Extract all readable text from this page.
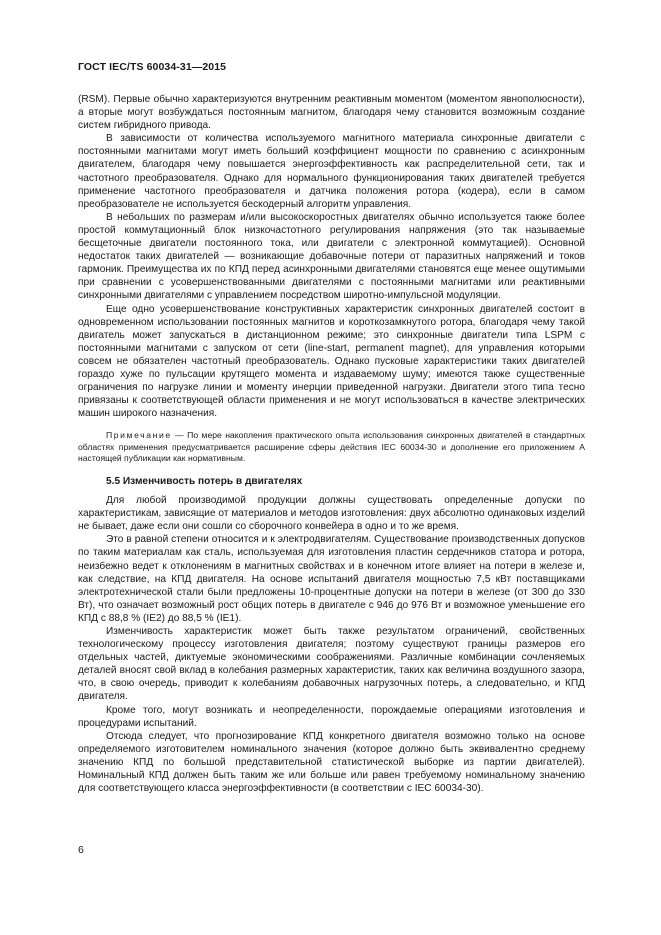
ГОСТ IEC/TS 60034-31—2015

(RSM). Первые обычно характеризуются внутренним реактивным моментом (моментом явнополюсности), а вторые могут возбуждаться постоянным магнитом, благодаря чему становится возможным создание систем гибридного привода.

В зависимости от количества используемого магнитного материала синхронные двигатели с постоянными магнитами могут иметь больший коэффициент мощности по сравнению с асинхронным двигателем, благодаря чему повышается энергоэффективность как распределительной сети, так и частотного преобразователя. Однако для нормального функционирования таких двигателей требуется применение частотного преобразователя и датчика положения ротора (кодера), если в самом преобразователе не используется бескодерный алгоритм управления.

В небольших по размерам и/или высокоскоростных двигателях обычно используется также более простой коммутационный блок низкочастотного регулирования напряжения (это так называемые бесщеточные двигатели постоянного тока, или двигатели с электронной коммутацией). Основной недостаток таких двигателей — возникающие добавочные потери от паразитных напряжений и токов гармоник. Преимущества их по КПД перед асинхронными двигателями становятся еще менее ощутимыми при сравнении с усовершенствованными двигателями с постоянными магнитами или реактивными синхронными двигателями с управлением посредством широтно-импульсной модуляции.

Еще одно усовершенствование конструктивных характеристик синхронных двигателей состоит в одновременном использовании постоянных магнитов и короткозамкнутого ротора, благодаря чему такой двигатель может запускаться в дистанционном режиме; это синхронные двигатели типа LSPM с постоянными магнитами с запуском от сети (line-start, permanent magnet), для управления которыми совсем не обязателен частотный преобразователь. Однако пусковые характеристики таких двигателей гораздо хуже по пульсации крутящего момента и издаваемому шуму; имеются также существенные ограничения по нагрузке линии и моменту инерции приведенной нагрузки. Двигатели этого типа тесно привязаны к соответствующей области применения и не могут использоваться в качестве электрических машин широкого назначения.

Примечание — По мере накопления практического опыта использования синхронных двигателей в стандартных областях применения предусматривается расширение сферы действия IEC 60034-30 и дополнение его приложением А настоящей публикации как нормативным.

5.5 Изменчивость потерь в двигателях

Для любой производимой продукции должны существовать определенные допуски по характеристикам, зависящие от материалов и методов изготовления: двух абсолютно одинаковых изделий не бывает, даже если они сошли со сборочного конвейера в одно и то же время.

Это в равной степени относится и к электродвигателям. Существование производственных допусков по таким материалам как сталь, используемая для изготовления пластин сердечников статора и ротора, неизбежно ведет к отклонениям в магнитных свойствах и в конечном итоге влияет на потери в железе и, как следствие, на КПД двигателя. На основе испытаний двигателя мощностью 7,5 кВт поставщиками электротехнической стали были предложены 10-процентные допуски на потери в железе (от 300 до 330 Вт), что означает возможный рост общих потерь в двигателе с 946 до 976 Вт и возможное уменьшение его КПД с 88,8 % (IE2) до 88,5 % (IE1).

Изменчивость характеристик может быть также результатом ограничений, свойственных технологическому процессу изготовления двигателя; поэтому существуют границы размеров его отдельных частей, диктуемые экономическими соображениями. Различные комбинации сочленяемых деталей вносят свой вклад в колебания размерных характеристик, таких как величина воздушного зазора, что, в свою очередь, приводит к колебаниям добавочных нагрузочных потерь, а следовательно, и КПД двигателя.

Кроме того, могут возникать и неопределенности, порождаемые операциями изготовления и процедурами испытаний.

Отсюда следует, что прогнозирование КПД конкретного двигателя возможно только на основе определяемого изготовителем номинального значения (которое должно быть эквивалентно среднему значению КПД по большой представительной статистической выборке из партии двигателей). Номинальный КПД должен быть таким же или больше или равен требуемому номинальному значению для соответствующего класса энергоэффективности (в соответствии с IEC 60034-30).

6
